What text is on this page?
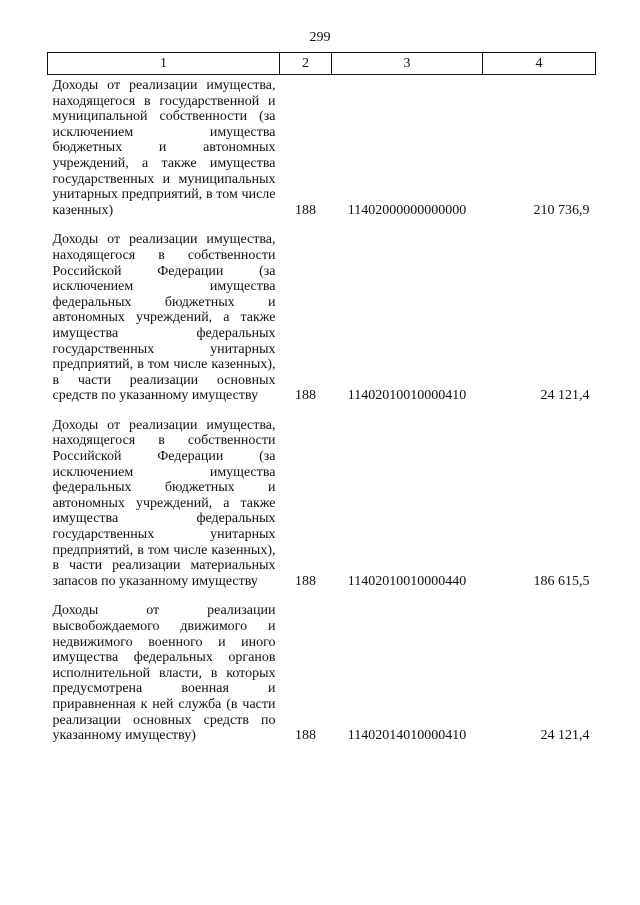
299
1	2	3	4
Доходы от реализации имущества, находящегося в государственной и муниципальной собственности (за исключением имущества бюджетных и автономных учреждений, а также имущества государственных и муниципальных унитарных предприятий, в том числе казенных)	188	11402000000000000	210 736,9
Доходы от реализации имущества, находящегося в собственности Российской Федерации (за исключением имущества федеральных бюджетных и автономных учреждений, а также имущества федеральных государственных унитарных предприятий, в том числе казенных), в части реализации основных средств по указанному имуществу	188	11402010010000410	24 121,4
Доходы от реализации имущества, находящегося в собственности Российской Федерации (за исключением имущества федеральных бюджетных и автономных учреждений, а также имущества федеральных государственных унитарных предприятий, в том числе казенных), в части реализации материальных запасов по указанному имуществу	188	11402010010000440	186 615,5
Доходы от реализации высвобождаемого движимого и недвижимого военного и иного имущества федеральных органов исполнительной власти, в которых предусмотрена военная и приравненная к ней служба (в части реализации основных средств по указанному имуществу)	188	11402014010000410	24 121,4
